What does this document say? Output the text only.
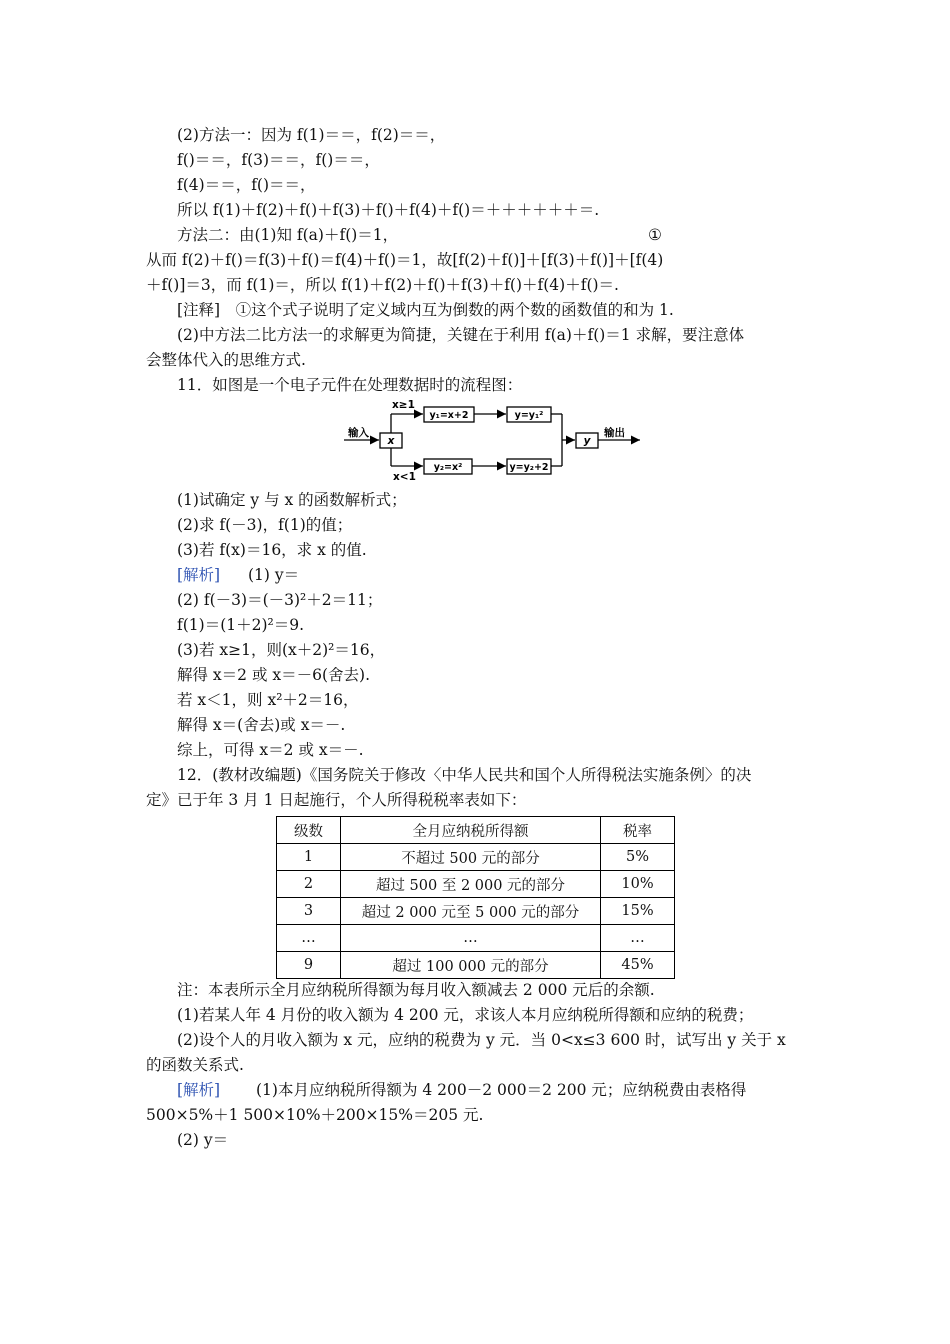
(2)方法一：因为 f(1)＝＝，f(2)＝＝，
f()＝＝，f(3)＝＝，f()＝＝，
f(4)＝＝，f()＝＝，
所以 f(1)＋f(2)＋f()＋f(3)＋f()＋f(4)＋f()＝＋＋＋＋＋＋＝.
方法二：由(1)知 f(a)＋f()＝1，	①
从而 f(2)＋f()＝f(3)＋f()＝f(4)＋f()＝1，故[f(2)＋f()]＋[f(3)＋f()]＋[f(4)
＋f()]＝3，而 f(1)＝，所以 f(1)＋f(2)＋f()＋f(3)＋f()＋f(4)＋f()＝.
[注释]　①这个式子说明了定义域内互为倒数的两个数的函数值的和为 1.
(2)中方法二比方法一的求解更为简捷，关键在于利用 f(a)＋f()＝1 求解，要注意体
会整体代入的思维方式.
11．如图是一个电子元件在处理数据时的流程图：
输入
x
x≥1
x<1
y₁=x+2	y=y₁²
y₂=x²	y=y₂+2
y
输出
(1)试确定 y 与 x 的函数解析式；
(2)求 f(－3)，f(1)的值；
(3)若 f(x)＝16，求 x 的值.
[解析] (1) y＝
(2) f(－3)＝(－3)²＋2＝11；
f(1)＝(1＋2)²＝9.
(3)若 x≥1，则(x＋2)²＝16，
解得 x＝2 或 x＝－6(舍去).
若 x＜1，则 x²＋2＝16，
解得 x＝(舍去)或 x＝－.
综上，可得 x＝2 或 x＝－.
12．(教材改编题)《国务院关于修改〈中华人民共和国个人所得税法实施条例〉的决
定》已于年 3 月 1 日起施行，个人所得税税率表如下：
级数	全月应纳税所得额	税率
1	不超过 500 元的部分	5%
2	超过 500 至 2 000 元的部分	10%
3	超过 2 000 元至 5 000 元的部分	15%
…	…	…
9	超过 100 000 元的部分	45%
注：本表所示全月应纳税所得额为每月收入额减去 2 000 元后的余额.
(1)若某人年 4 月份的收入额为 4 200 元，求该人本月应纳税所得额和应纳的税费；
(2)设个人的月收入额为 x 元，应纳的税费为 y 元．当 0<x≤3 600 时，试写出 y 关于 x
的函数关系式.
[解析] (1)本月应纳税所得额为 4 200－2 000＝2 200 元；应纳税费由表格得
500×5%＋1 500×10%＋200×15%＝205 元.
(2) y＝
